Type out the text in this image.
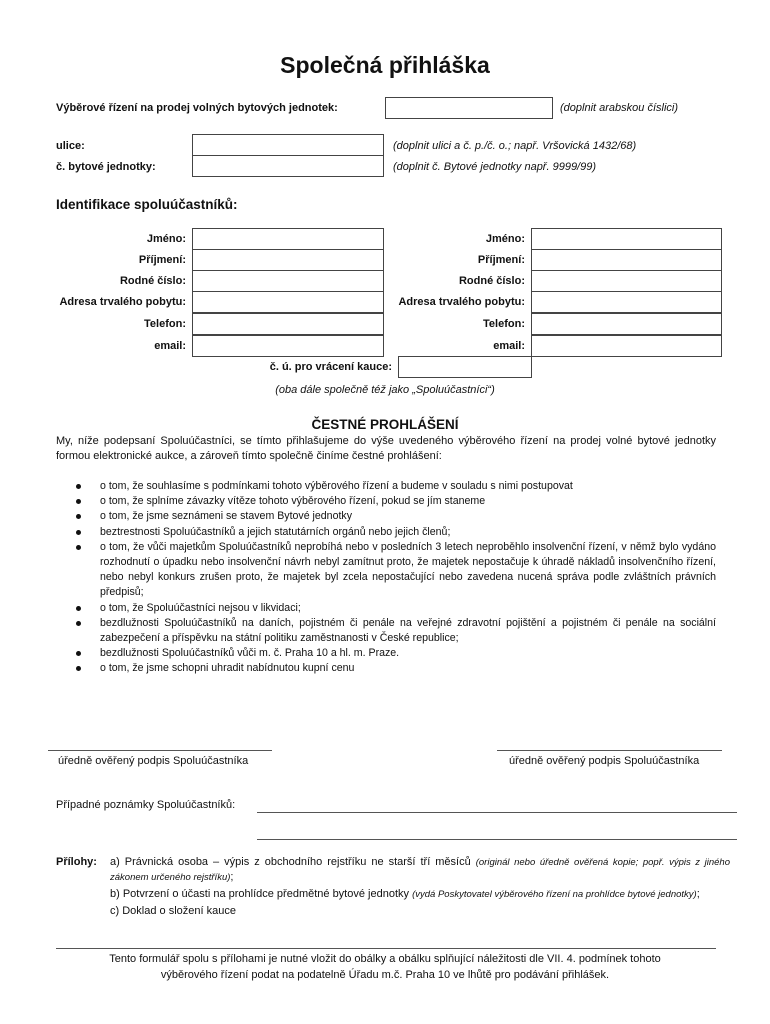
Společná přihláška
Výběrové řízení na prodej volných bytových jednotek:	(doplnit arabskou číslici)
ulice:	(doplnit ulici a č. p./č. o.; např. Vršovická 1432/68)
č. bytové jednotky:	(doplnit č. Bytové jednotky např. 9999/99)
Identifikace spoluúčastníků:
Jméno:
Příjmení:
Rodné číslo:
Adresa trvalého pobytu:
Telefon:
email:
Jméno:
Příjmení:
Rodné číslo:
Adresa trvalého pobytu:
Telefon:
email:
č. ú. pro vrácení kauce:
(oba dále společně též jako „Spoluúčastníci“)
ČESTNÉ PROHLÁŠENÍ
My, níže podepsaní Spoluúčastníci, se tímto přihlašujeme do výše uvedeného výběrového řízení na prodej volné bytové jednotky formou elektronické aukce, a zároveň tímto společně činíme čestné prohlášení:
o tom, že souhlasíme s podmínkami tohoto výběrového řízení a budeme v souladu s nimi postupovat
o tom, že splníme závazky vítěze tohoto výběrového řízení, pokud se jím staneme
o tom, že jsme seznámeni se stavem Bytové jednotky
beztrestnosti Spoluúčastníků a jejich statutárních orgánů nebo jejich členů;
o tom, že vůči majetkům Spoluúčastníků neprobíhá nebo v posledních 3 letech neproběhlo insolvenční řízení, v němž bylo vydáno rozhodnutí o úpadku nebo insolvenční návrh nebyl zamítnut proto, že majetek nepostačuje k úhradě nákladů insolvenčního řízení, nebo nebyl konkurs zrušen proto, že majetek byl zcela nepostačující nebo zavedena nucená správa podle zvláštních právních předpisů;
o tom, že Spoluúčastníci nejsou v likvidaci;
bezdlužnosti Spoluúčastníků na daních, pojistném či penále na veřejné zdravotní pojištění a pojistném či penále na sociální zabezpečení a příspěvku na státní politiku zaměstnanosti v České republice;
bezdlužnosti Spoluúčastníků vůči m. č. Praha 10 a hl. m. Praze.
o tom, že jsme schopni uhradit nabídnutou kupní cenu
úředně ověřený podpis Spoluúčastníka	úředně ověřený podpis Spoluúčastníka
Případné poznámky Spoluúčastníků:
Přílohy: a) Právnická osoba – výpis z obchodního rejstříku ne starší tří měsíců (originál nebo úředně ověřená kopie; popř. výpis z jiného zákonem určeného rejstříku);
b) Potvrzení o účasti na prohlídce předmětné bytové jednotky (vydá Poskytovatel výběrového řízení na prohlídce bytové jednotky);
c) Doklad o složení kauce
Tento formulář spolu s přílohami je nutné vložit do obálky a obálku splňující náležitosti dle VII. 4. podmínek tohoto
výběrového řízení podat na podatelně Úřadu m.č. Praha 10 ve lhůtě pro podávání přihlášek.
